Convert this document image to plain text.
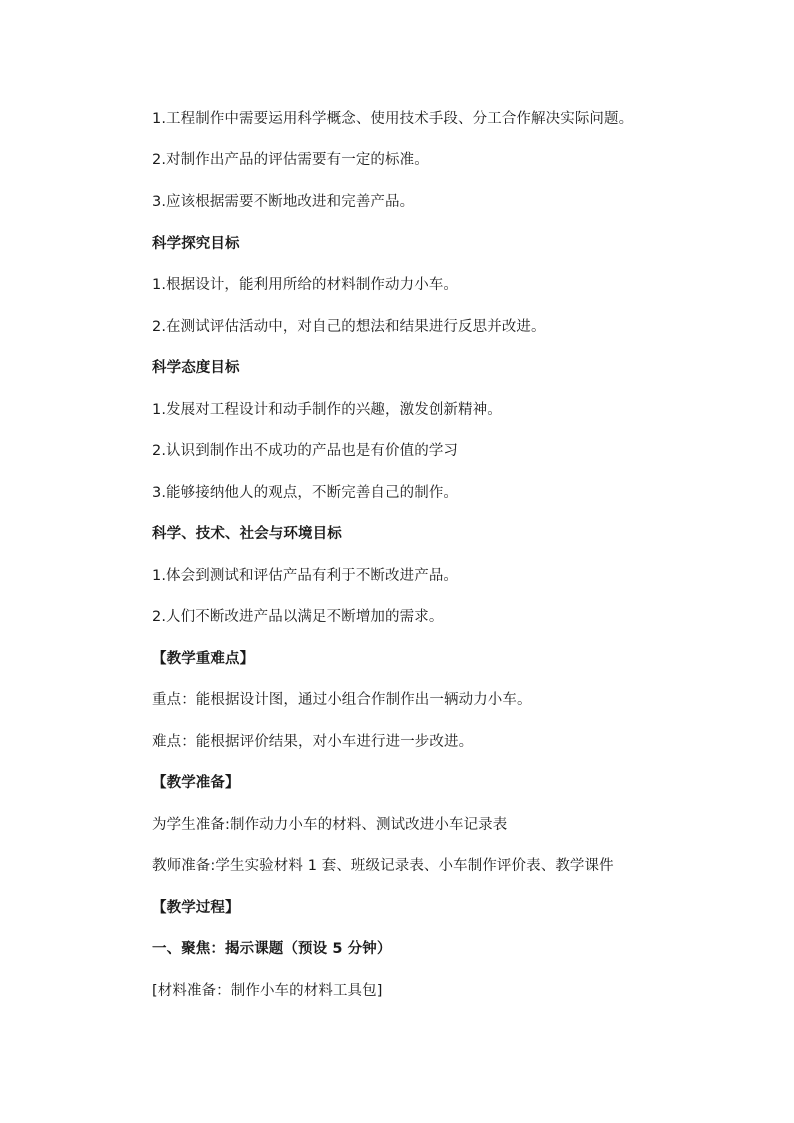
1.工程制作中需要运用科学概念、使用技术手段、分工合作解决实际问题。
2.对制作出产品的评估需要有一定的标准。
3.应该根据需要不断地改进和完善产品。
科学探究目标
1.根据设计，能利用所给的材料制作动力小车。
2.在测试评估活动中，对自己的想法和结果进行反思并改进。
科学态度目标
1.发展对工程设计和动手制作的兴趣，激发创新精神。
2.认识到制作出不成功的产品也是有价值的学习
3.能够接纳他人的观点，不断完善自己的制作。
科学、技术、社会与环境目标
1.体会到测试和评估产品有利于不断改进产品。
2.人们不断改进产品以满足不断增加的需求。
【教学重难点】
重点：能根据设计图，通过小组合作制作出一辆动力小车。
难点：能根据评价结果，对小车进行进一步改进。
【教学准备】
为学生准备:制作动力小车的材料、测试改进小车记录表
教师准备:学生实验材料 1 套、班级记录表、小车制作评价表、教学课件
【教学过程】
一、聚焦：揭示课题（预设 5 分钟）
[材料准备：制作小车的材料工具包]
